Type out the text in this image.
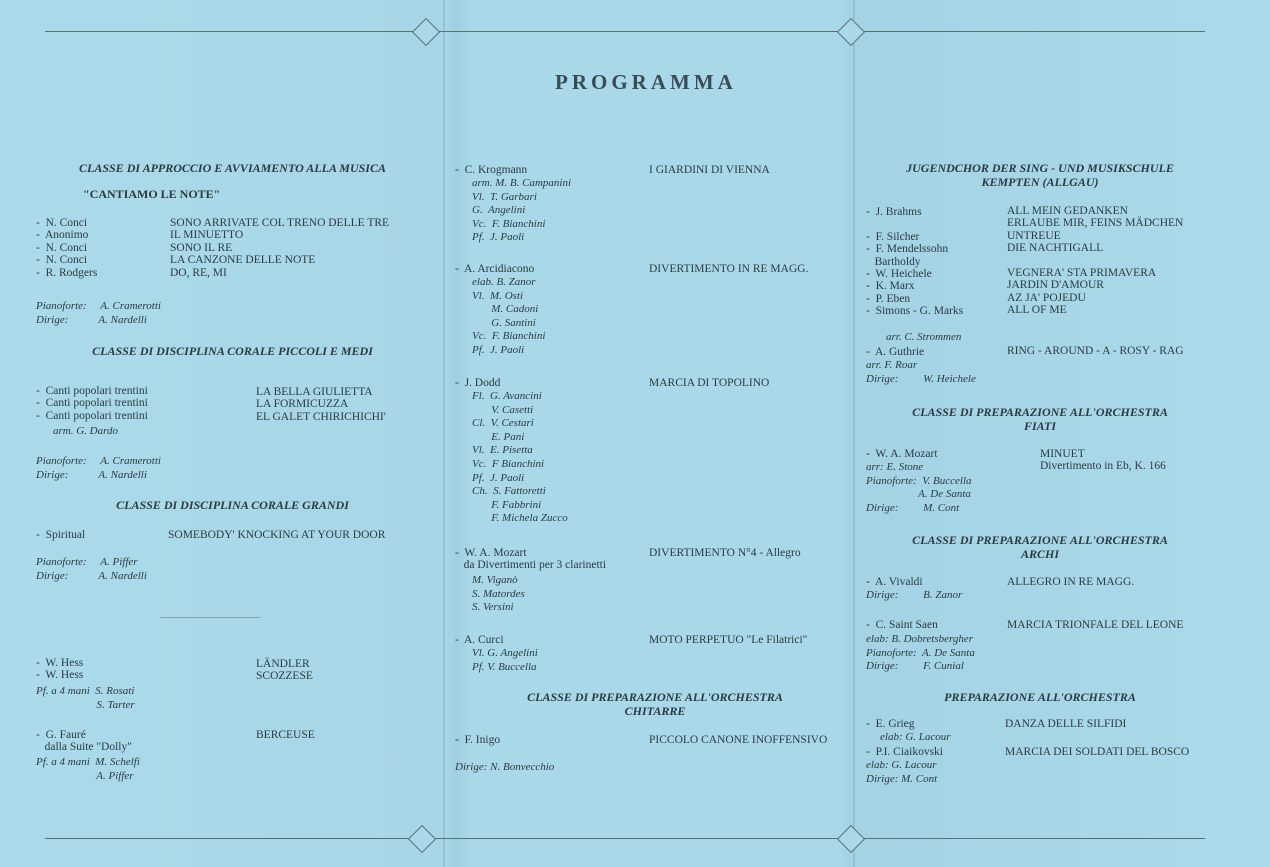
PROGRAMMA
CLASSE DI APPROCCIO E AVVIAMENTO ALLA MUSICA
"CANTIAMO LE NOTE"
-  N. Conci
-  Anonimo
-  N. Conci
-  N. Conci
-  R. Rodgers
SONO ARRIVATE COL TRENO DELLE TRE
IL MINUETTO
SONO IL RE
LA CANZONE DELLE NOTE
DO, RE, MI
Pianoforte:     A. Cramerotti
Dirige:           A. Nardelli
CLASSE DI DISCIPLINA CORALE PICCOLI E MEDI
-  Canti popolari trentini
-  Canti popolari trentini
-  Canti popolari trentini
arm. G. Dardo
LA BELLA GIULIETTA
LA FORMICUZZA
EL GALET CHIRICHICHI'
Pianoforte:     A. Cramerotti
Dirige:           A. Nardelli
CLASSE DI DISCIPLINA CORALE GRANDI
-  Spiritual	SOMEBODY' KNOCKING AT YOUR DOOR
Pianoforte:     A. Piffer
Dirige:           A. Nardelli
-  W. Hess
-  W. Hess
LÄNDLER
SCOZZESE
Pf. a 4 mani  S. Rosati
S. Tarter
-  G. Fauré
dalla Suite "Dolly"
BERCEUSE
Pf. a 4 mani  M. Schelfi
A. Piffer
-  C. Krogmann
arm. M. B. Campanini
Vl.  T. Garbari
G.  Angelini
Vc.  F. Bianchini
Pf.  J. Paoli
I GIARDINI DI VIENNA
-  A. Arcidiacono
elab. B. Zanor
Vl.  M. Osti
M. Cadoni
G. Santini
Vc.  F. Bianchini
Pf.  J. Paoli
DIVERTIMENTO IN RE MAGG.
-  J. Dodd
Fl.  G. Avancini
V. Casetti
Cl.  V. Cestari
E. Pani
Vl.  E. Pisetta
Vc.  F Bianchini
Pf.  J. Paoli
Ch.  S. Fattoretti
F. Fabbrini
F. Michela Zucco
MARCIA DI TOPOLINO
-  W. A. Mozart
da Divertimenti per 3 clarinetti
M. Viganò
S. Matordes
S. Versini
DIVERTIMENTO N°4 - Allegro
-  A. Curci
Vl. G. Angelini
Pf. V. Buccella
MOTO PERPETUO "Le Filatrici"
CLASSE DI PREPARAZIONE ALL'ORCHESTRA
CHITARRE
-  F. Inigo	PICCOLO CANONE INOFFENSIVO
Dirige: N. Bonvecchio
JUGENDCHOR DER SING - UND MUSIKSCHULE
KEMPTEN (ALLGAU)
-  J. Brahms

-  F. Silcher
-  F. Mendelssohn
Bartholdy
-  W. Heichele
-  K. Marx
-  P. Eben
-  Simons - G. Marks
arr. C. Strommen
-  A. Guthrie
arr. F. Roar
Dirige:         W. Heichele
ALL MEIN GEDANKEN
ERLAUBE MIR, FEINS MÄDCHEN
UNTREUE
DIE NACHTIGALL

VEGNERA' STA PRIMAVERA
JARDIN D'AMOUR
AZ JA' POJEDU
ALL OF ME
RING - AROUND - A - ROSY - RAG
CLASSE DI PREPARAZIONE ALL'ORCHESTRA
FIATI
-  W. A. Mozart
arr: E. Stone
Pianoforte:  V. Buccella
A. De Santa
Dirige:         M. Cont
MINUET
Divertimento in Eb, K. 166
CLASSE DI PREPARAZIONE ALL'ORCHESTRA
ARCHI
-  A. Vivaldi
Dirige:         B. Zanor
ALLEGRO IN RE MAGG.
-  C. Saint Saen
elab: B. Dobretsbergher
Pianoforte:  A. De Santa
Dirige:         F. Cunial
MARCIA TRIONFALE DEL LEONE
PREPARAZIONE ALL'ORCHESTRA
-  E. Grieg
elab: G. Lacour
DANZA DELLE SILFIDI
-  P.I. Ciaikovski
elab: G. Lacour
Dirige: M. Cont
MARCIA DEI SOLDATI DEL BOSCO
